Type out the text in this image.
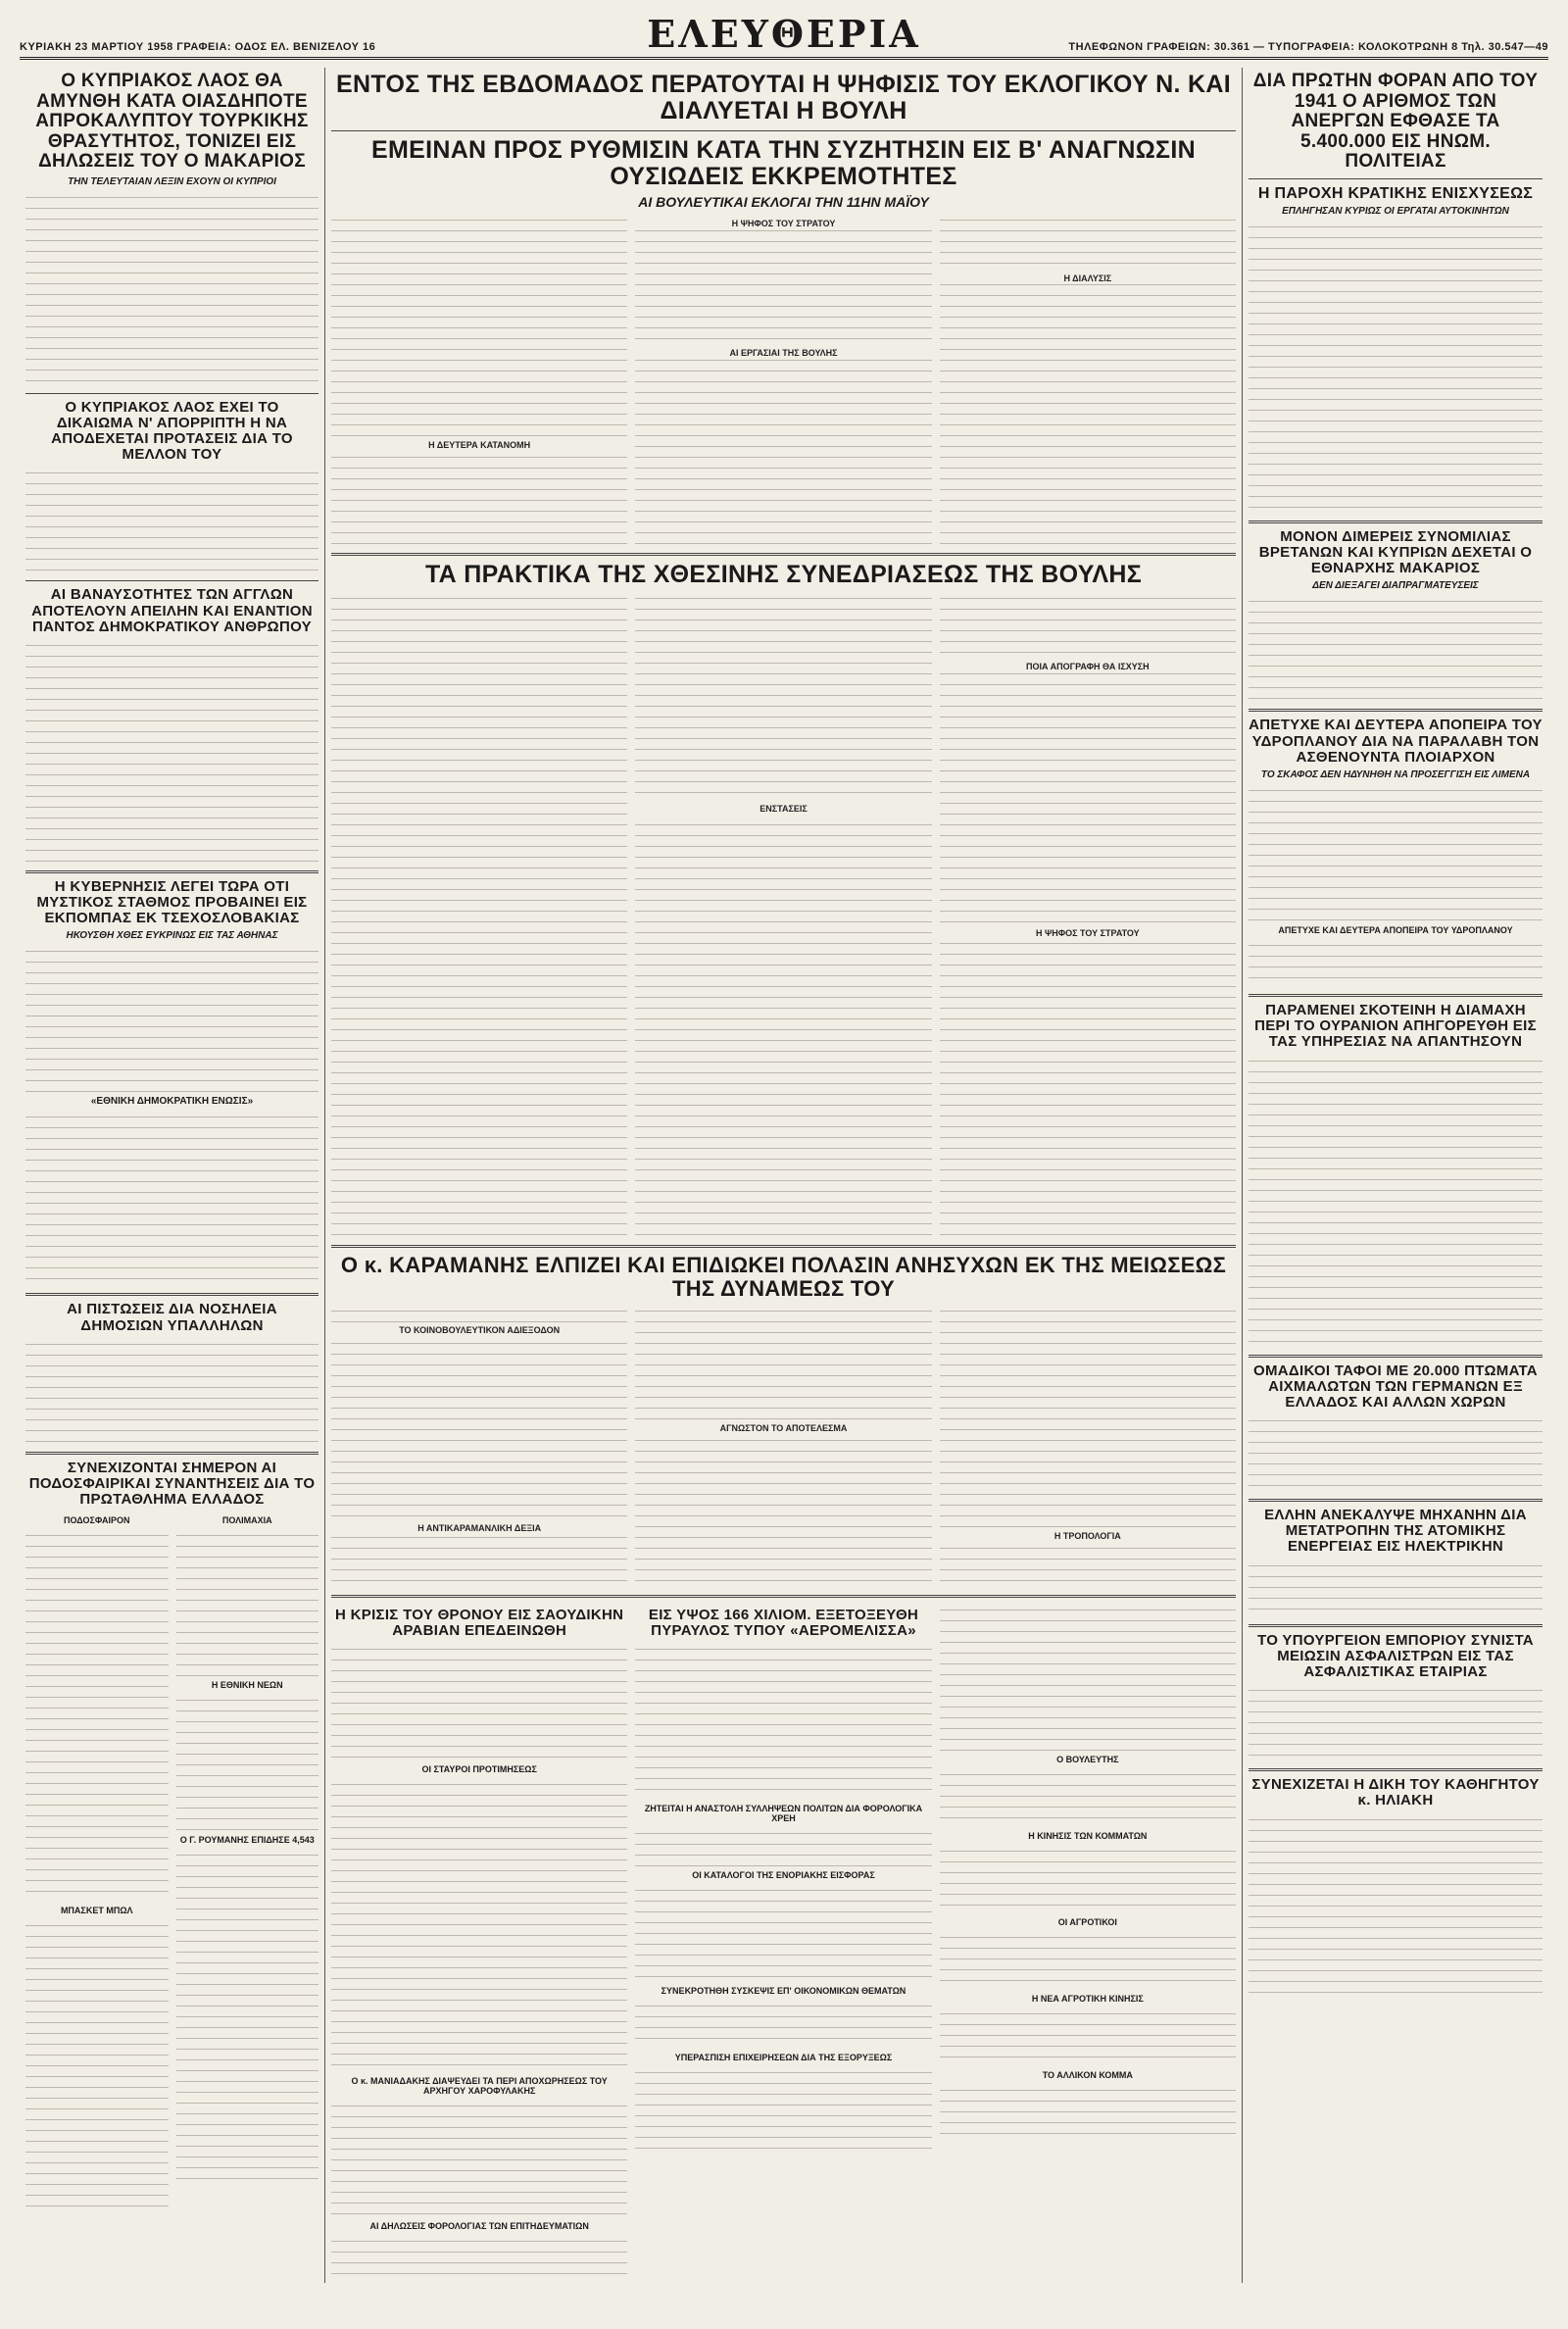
ΚΥΡΙΑΚΗ 23 ΜΑΡΤΙΟΥ 1958 ΓΡΑΦΕΙΑ: ΟΔΟΣ ΕΛ. ΒΕΝΙΖΕΛΟΥ 16	ΕΛΕΥΘΕΡΙΑ	ΤΗΛΕΦΩΝΟΝ ΓΡΑΦΕΙΩΝ: 30.361 — ΤΥΠΟΓΡΑΦΕΙΑ: ΚΟΛΟΚΟΤΡΩΝΗ 8 Τηλ. 30.547—49
Ο ΚΥΠΡΙΑΚΟΣ ΛΑΟΣ ΘΑ ΑΜΥΝΘΗ ΚΑΤΑ ΟΙΑΣΔΗΠΟΤΕ ΑΠΡΟΚΑΛΥΠΤΟΥ ΤΟΥΡΚΙΚΗΣ ΘΡΑΣΥΤΗΤΟΣ, ΤΟΝΙΖΕΙ ΕΙΣ ΔΗΛΩΣΕΙΣ ΤΟΥ Ο ΜΑΚΑΡΙΟΣ
ΤΗΝ ΤΕΛΕΥΤΑΙΑΝ ΛΕΞΙΝ ΕΧΟΥΝ ΟΙ ΚΥΠΡΙΟΙ
Ο ΚΥΠΡΙΑΚΟΣ ΛΑΟΣ ΕΧΕΙ ΤΟ ΔΙΚΑΙΩΜΑ Ν' ΑΠΟΡΡΙΠΤΗ Η ΝΑ ΑΠΟΔΕΧΕΤΑΙ ΠΡΟΤΑΣΕΙΣ ΔΙΑ ΤΟ ΜΕΛΛΟΝ ΤΟΥ
ΑΙ ΒΑΝΑΥΣΟΤΗΤΕΣ ΤΩΝ ΑΓΓΛΩΝ ΑΠΟΤΕΛΟΥΝ ΑΠΕΙΛΗΝ ΚΑΙ ΕΝΑΝΤΙΟΝ ΠΑΝΤΟΣ ΔΗΜΟΚΡΑΤΙΚΟΥ ΑΝΘΡΩΠΟΥ
Η ΚΥΒΕΡΝΗΣΙΣ ΛΕΓΕΙ ΤΩΡΑ ΟΤΙ ΜΥΣΤΙΚΟΣ ΣΤΑΘΜΟΣ ΠΡΟΒΑΙΝΕΙ ΕΙΣ ΕΚΠΟΜΠΑΣ ΕΚ ΤΣΕΧΟΣΛΟΒΑΚΙΑΣ
ΗΚΟΥΣΘΗ ΧΘΕΣ ΕΥΚΡΙΝΩΣ ΕΙΣ ΤΑΣ ΑΘΗΝΑΣ
«ΕΘΝΙΚΗ ΔΗΜΟΚΡΑΤΙΚΗ ΕΝΩΣΙΣ»
ΑΙ ΠΙΣΤΩΣΕΙΣ ΔΙΑ ΝΟΣΗΛΕΙΑ ΔΗΜΟΣΙΩΝ ΥΠΑΛΛΗΛΩΝ
ΣΥΝΕΧΙΖΟΝΤΑΙ ΣΗΜΕΡΟΝ ΑΙ ΠΟΔΟΣΦΑΙΡΙΚΑΙ ΣΥΝΑΝΤΗΣΕΙΣ ΔΙΑ ΤΟ ΠΡΩΤΑΘΛΗΜΑ ΕΛΛΑΔΟΣ
ΠΟΔΟΣΦΑΙΡΟΝ
ΜΠΑΣΚΕΤ ΜΠΩΛ
ΠΟΛΙΜΑΧΙΑ
Η ΕΘΝΙΚΗ ΝΕΩΝ
Ο Γ. ΡΟΥΜΑΝΗΣ ΕΠΙΔΗΣΕ 4,543
ΕΝΤΟΣ ΤΗΣ ΕΒΔΟΜΑΔΟΣ ΠΕΡΑΤΟΥΤΑΙ Η ΨΗΦΙΣΙΣ ΤΟΥ ΕΚΛΟΓΙΚΟΥ Ν. ΚΑΙ ΔΙΑΛΥΕΤΑΙ Η ΒΟΥΛΗ
ΕΜΕΙΝΑΝ ΠΡΟΣ ΡΥΘΜΙΣΙΝ ΚΑΤΑ ΤΗΝ ΣΥΖΗΤΗΣΙΝ ΕΙΣ Β' ΑΝΑΓΝΩΣΙΝ ΟΥΣΙΩΔΕΙΣ ΕΚΚΡΕΜΟΤΗΤΕΣ
ΑΙ ΒΟΥΛΕΥΤΙΚΑΙ ΕΚΛΟΓΑΙ ΤΗΝ 11ΗΝ ΜΑΪΟΥ
Η ΔΕΥΤΕΡΑ ΚΑΤΑΝΟΜΗ
Η ΨΗΦΟΣ ΤΟΥ ΣΤΡΑΤΟΥ
ΑΙ ΕΡΓΑΣΙΑΙ ΤΗΣ ΒΟΥΛΗΣ
Η ΔΙΑΛΥΣΙΣ
ΤΑ ΠΡΑΚΤΙΚΑ ΤΗΣ ΧΘΕΣΙΝΗΣ ΣΥΝΕΔΡΙΑΣΕΩΣ ΤΗΣ ΒΟΥΛΗΣ
ΕΝΣΤΑΣΕΙΣ
ΠΟΙΑ ΑΠΟΓΡΑΦΗ ΘΑ ΙΣΧΥΣΗ
Η ΨΗΦΟΣ ΤΟΥ ΣΤΡΑΤΟΥ
Ο κ. ΚΑΡΑΜΑΝΗΣ ΕΛΠΙΖΕΙ ΚΑΙ ΕΠΙΔΙΩΚΕΙ ΠΟΛΑΣΙΝ ΑΝΗΣΥΧΩΝ ΕΚ ΤΗΣ ΜΕΙΩΣΕΩΣ ΤΗΣ ΔΥΝΑΜΕΩΣ ΤΟΥ
ΤΟ ΚΟΙΝΟΒΟΥΛΕΥΤΙΚΟΝ ΑΔΙΕΞΟΔΟΝ
Η ΑΝΤΙΚΑΡΑΜΑΝΛΙΚΗ ΔΕΞΙΑ
ΑΓΝΩΣΤΟΝ ΤΟ ΑΠΟΤΕΛΕΣΜΑ
Η ΤΡΟΠΟΛΟΓΙΑ
Η ΚΡΙΣΙΣ ΤΟΥ ΘΡΟΝΟΥ ΕΙΣ ΣΑΟΥΔΙΚΗΝ ΑΡΑΒΙΑΝ ΕΠΕΔΕΙΝΩΘΗ
ΟΙ ΣΤΑΥΡΟΙ ΠΡΟΤΙΜΗΣΕΩΣ
Ο κ. ΜΑΝΙΑΔΑΚΗΣ ΔΙΑΨΕΥΔΕΙ ΤΑ ΠΕΡΙ ΑΠΟΧΩΡΗΣΕΩΣ ΤΟΥ ΑΡΧΗΓΟΥ ΧΑΡΟΦΥΛΑΚΗΣ
ΑΙ ΔΗΛΩΣΕΙΣ ΦΟΡΟΛΟΓΙΑΣ ΤΩΝ ΕΠΙΤΗΔΕΥΜΑΤΙΩΝ
ΕΙΣ ΥΨΟΣ 166 ΧΙΛΙΟΜ. ΕΞΕΤΟΞΕΥΘΗ ΠΥΡΑΥΛΟΣ ΤΥΠΟΥ «ΑΕΡΟΜΕΛΙΣΣΑ»
ΖΗΤΕΙΤΑΙ Η ΑΝΑΣΤΟΛΗ ΣΥΛΛΗΨΕΩΝ ΠΟΛΙΤΩΝ ΔΙΑ ΦΟΡΟΛΟΓΙΚΑ ΧΡΕΗ
ΟΙ ΚΑΤΑΛΟΓΟΙ ΤΗΣ ΕΝΟΡΙΑΚΗΣ ΕΙΣΦΟΡΑΣ
ΣΥΝΕΚΡΟΤΗΘΗ ΣΥΣΚΕΨΙΣ ΕΠ' ΟΙΚΟΝΟΜΙΚΩΝ ΘΕΜΑΤΩΝ
ΥΠΕΡΑΣΠΙΣΗ ΕΠΙΧΕΙΡΗΣΕΩΝ ΔΙΑ ΤΗΣ ΕΞΟΡΥΞΕΩΣ
Ο ΒΟΥΛΕΥΤΗΣ
Η ΚΙΝΗΣΙΣ ΤΩΝ ΚΟΜΜΑΤΩΝ
ΟΙ ΑΓΡΟΤΙΚΟΙ
Η ΝΕΑ ΑΓΡΟΤΙΚΗ ΚΙΝΗΣΙΣ
ΤΟ ΑΛΛΙΚΟΝ ΚΟΜΜΑ
ΔΙΑ ΠΡΩΤΗΝ ΦΟΡΑΝ ΑΠΟ ΤΟΥ 1941 Ο ΑΡΙΘΜΟΣ ΤΩΝ ΑΝΕΡΓΩΝ ΕΦΘΑΣΕ ΤΑ 5.400.000 ΕΙΣ ΗΝΩΜ. ΠΟΛΙΤΕΙΑΣ
Η ΠΑΡΟΧΗ ΚΡΑΤΙΚΗΣ ΕΝΙΣΧΥΣΕΩΣ
ΕΠΛΗΓΗΣΑΝ ΚΥΡΙΩΣ ΟΙ ΕΡΓΑΤΑΙ ΑΥΤΟΚΙΝΗΤΩΝ
ΜΟΝΟΝ ΔΙΜΕΡΕΙΣ ΣΥΝΟΜΙΛΙΑΣ ΒΡΕΤΑΝΩΝ ΚΑΙ ΚΥΠΡΙΩΝ ΔΕΧΕΤΑΙ Ο ΕΘΝΑΡΧΗΣ ΜΑΚΑΡΙΟΣ
ΔΕΝ ΔΙΕΞΑΓΕΙ ΔΙΑΠΡΑΓΜΑΤΕΥΣΕΙΣ
ΑΠΕΤΥΧΕ ΚΑΙ ΔΕΥΤΕΡΑ ΑΠΟΠΕΙΡΑ ΤΟΥ ΥΔΡΟΠΛΑΝΟΥ ΔΙΑ ΝΑ ΠΑΡΑΛΑΒΗ ΤΟΝ ΑΣΘΕΝΟΥΝΤΑ ΠΛΟΙΑΡΧΟΝ
ΤΟ ΣΚΑΦΟΣ ΔΕΝ ΗΔΥΝΗΘΗ ΝΑ ΠΡΟΣΕΓΓΙΣΗ ΕΙΣ ΛΙΜΕΝΑ
ΑΠΕΤΥΧΕ ΚΑΙ ΔΕΥΤΕΡΑ ΑΠΟΠΕΙΡΑ ΤΟΥ ΥΔΡΟΠΛΑΝΟΥ
ΠΑΡΑΜΕΝΕΙ ΣΚΟΤΕΙΝΗ Η ΔΙΑΜΑΧΗ ΠΕΡΙ ΤΟ ΟΥΡΑΝΙΟΝ ΑΠΗΓΟΡΕΥΘΗ ΕΙΣ ΤΑΣ ΥΠΗΡΕΣΙΑΣ ΝΑ ΑΠΑΝΤΗΣΟΥΝ
ΟΜΑΔΙΚΟΙ ΤΑΦΟΙ ΜΕ 20.000 ΠΤΩΜΑΤΑ ΑΙΧΜΑΛΩΤΩΝ ΤΩΝ ΓΕΡΜΑΝΩΝ ΕΞ ΕΛΛΑΔΟΣ ΚΑΙ ΑΛΛΩΝ ΧΩΡΩΝ
ΕΛΛΗΝ ΑΝΕΚΑΛΥΨΕ ΜΗΧΑΝΗΝ ΔΙΑ ΜΕΤΑΤΡΟΠΗΝ ΤΗΣ ΑΤΟΜΙΚΗΣ ΕΝΕΡΓΕΙΑΣ ΕΙΣ ΗΛΕΚΤΡΙΚΗΝ
ΤΟ ΥΠΟΥΡΓΕΙΟΝ ΕΜΠΟΡΙΟΥ ΣΥΝΙΣΤΑ ΜΕΙΩΣΙΝ ΑΣΦΑΛΙΣΤΡΩΝ ΕΙΣ ΤΑΣ ΑΣΦΑΛΙΣΤΙΚΑΣ ΕΤΑΙΡΙΑΣ
ΣΥΝΕΧΙΖΕΤΑΙ Η ΔΙΚΗ ΤΟΥ ΚΑΘΗΓΗΤΟΥ κ. ΗΛΙΑΚΗ
